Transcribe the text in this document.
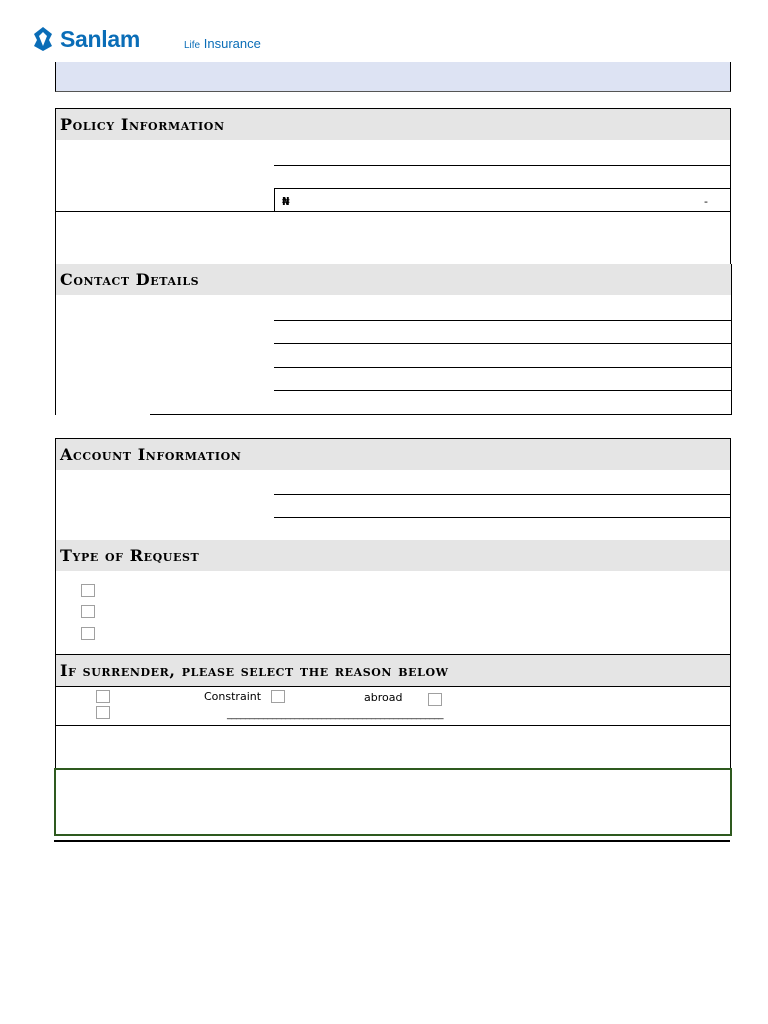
Sanlam	Life Insurance
Policy Information
₦	-
Contact Details
Account Information
Type of Request
If surrender, please select the reason below
Constraint	abroad
________________________________________________
